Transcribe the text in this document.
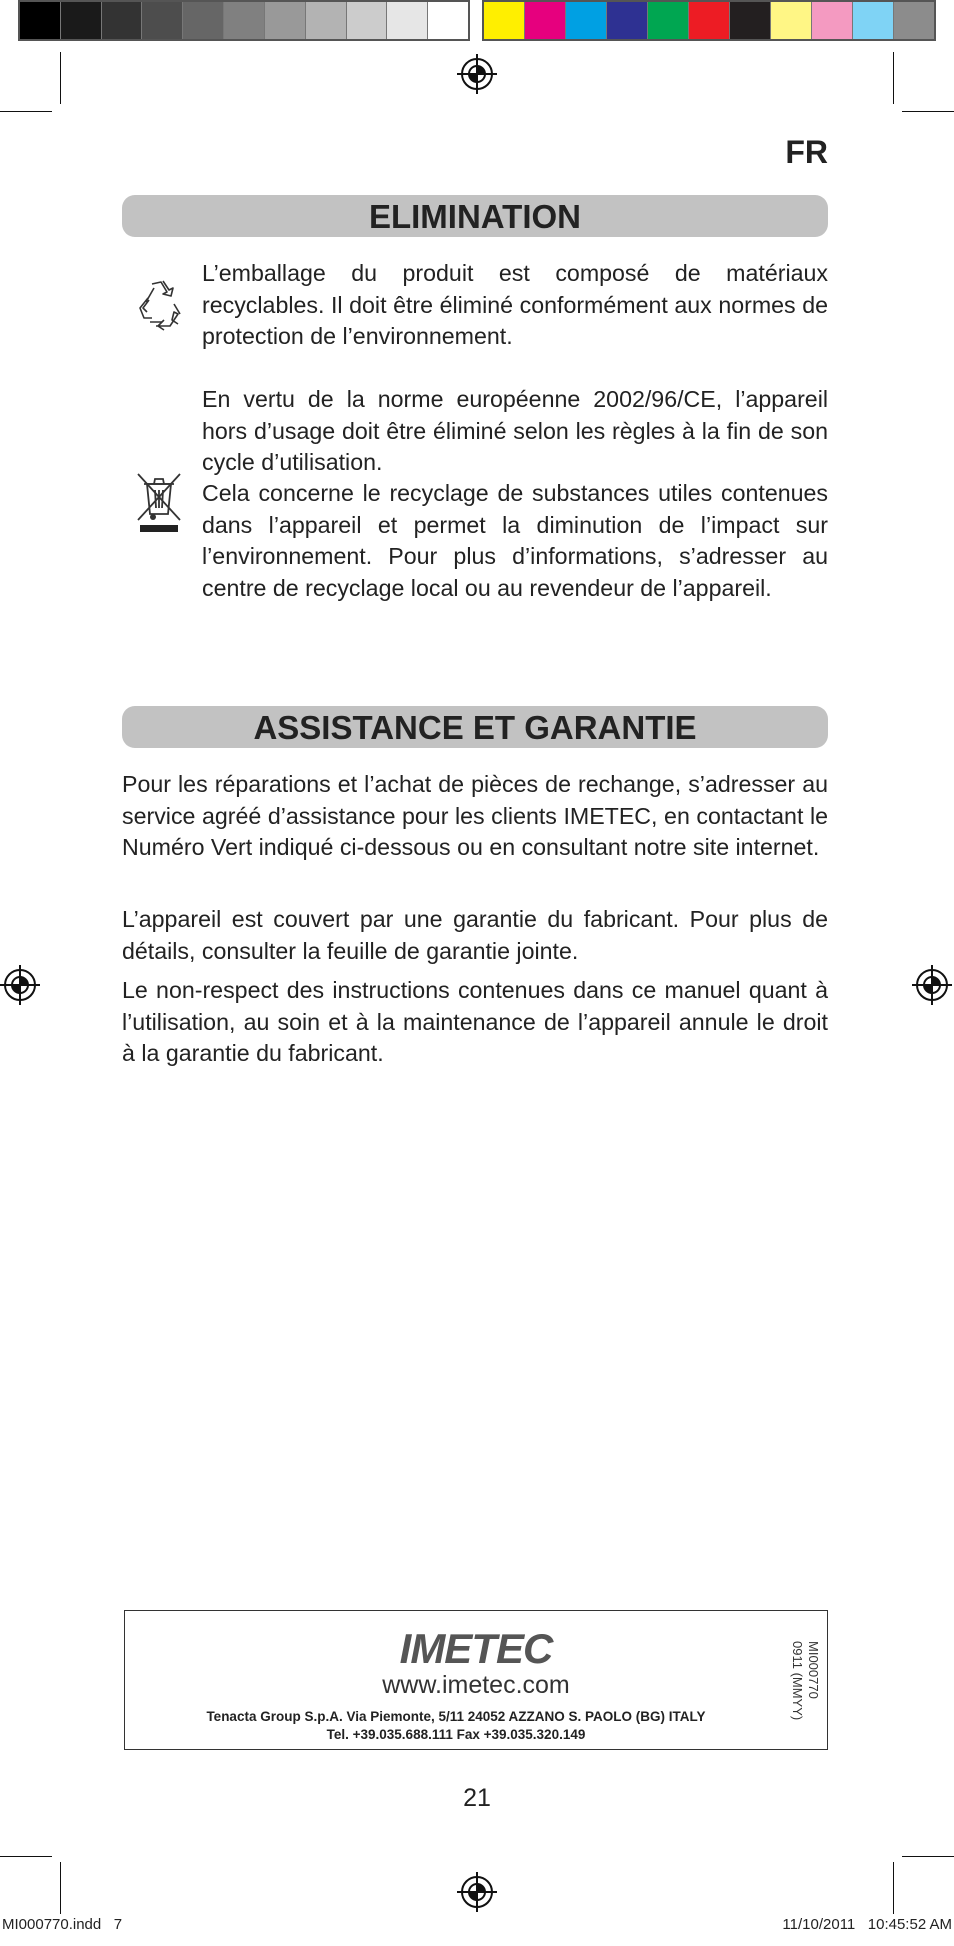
FR
ELIMINATION
L’emballage du produit est composé de matériaux recyclables. Il doit être éliminé conformément aux normes de protection de l’environnement.
En vertu de la norme européenne 2002/96/CE, l’appareil hors d’usage doit être éliminé selon les règles à la fin de son cycle d’utilisation.
Cela concerne le recyclage de substances utiles contenues dans l’appareil et permet la diminution de l’impact sur l’environnement. Pour plus d’informations, s’adresser au centre de recyclage local ou au revendeur de l’appareil.
ASSISTANCE ET GARANTIE
Pour les réparations et l’achat de pièces de rechange, s’adresser au service agréé d’assistance pour les clients IMETEC, en contactant le Numéro Vert indiqué ci-dessous ou en consultant notre site internet.
L’appareil est couvert par une garantie du fabricant. Pour plus de détails, consulter la feuille de garantie jointe.
Le non-respect des instructions contenues dans ce manuel quant à l’utilisation, au soin et à la maintenance de l’appareil annule le droit à la garantie du fabricant.
IMETEC
www.imetec.com
Tenacta Group S.p.A. Via Piemonte, 5/11 24052 AZZANO S. PAOLO (BG) ITALY
Tel. +39.035.688.111 Fax +39.035.320.149
MI000770
0911 (MMYY)
21
MI000770.indd   7	11/10/2011   10:45:52 AM
